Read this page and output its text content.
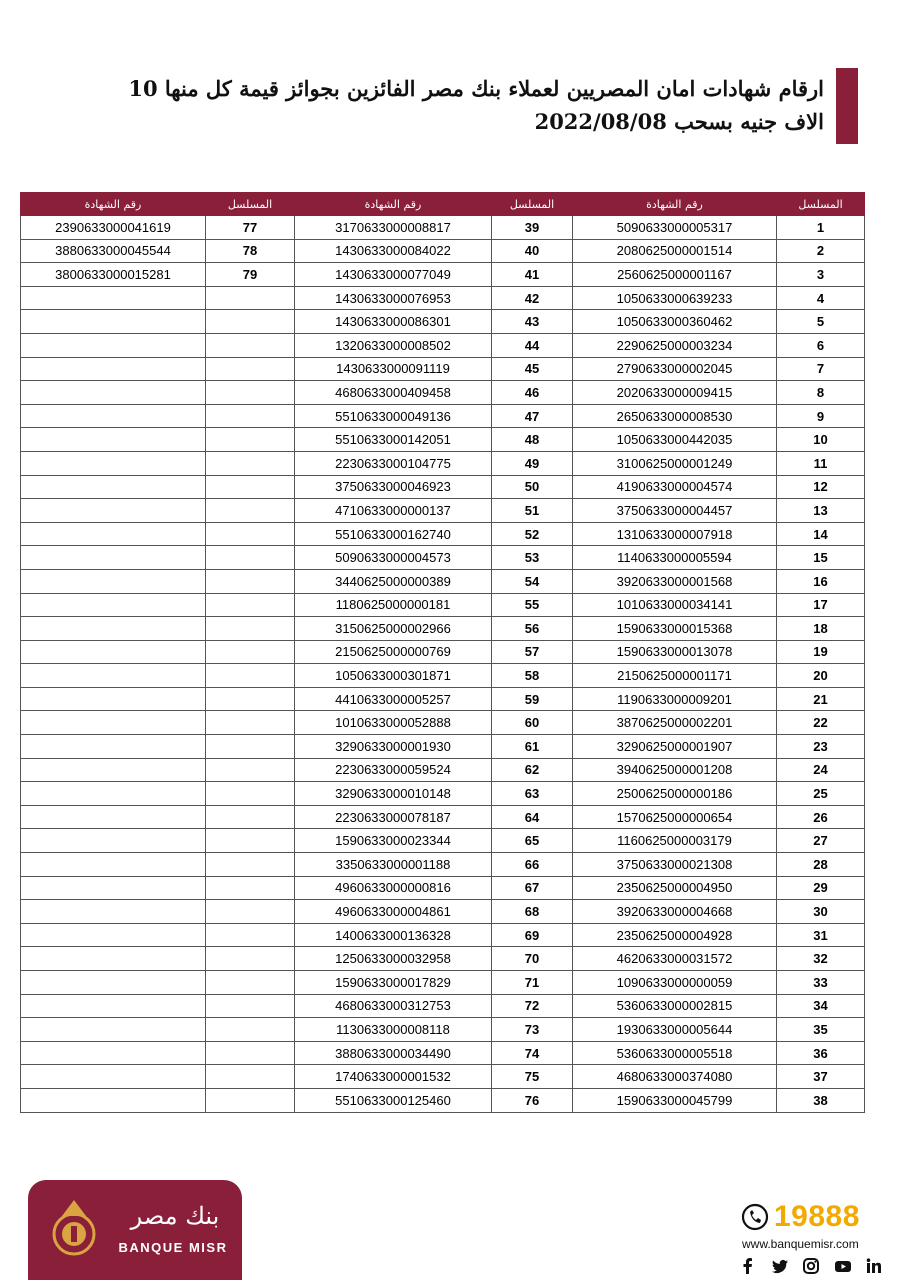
ارقام شهادات امان المصريين لعملاء بنك مصر الفائزين بجوائز قيمة كل منها 10
الاف جنيه بسحب 2022/08/08
المسلسل	رقم الشهادة	المسلسل	رقم الشهادة	المسلسل	رقم الشهادة
1	5090633000005317	39	3170633000008817	77	2390633000041619
2	2080625000001514	40	1430633000084022	78	3880633000045544
3	2560625000001167	41	1430633000077049	79	3800633000015281
4	1050633000639233	42	1430633000076953		
5	1050633000360462	43	1430633000086301		
6	2290625000003234	44	1320633000008502		
7	2790633000002045	45	1430633000091119		
8	2020633000009415	46	4680633000409458		
9	2650633000008530	47	5510633000049136		
10	1050633000442035	48	5510633000142051		
11	3100625000001249	49	2230633000104775		
12	4190633000004574	50	3750633000046923		
13	3750633000004457	51	4710633000000137		
14	1310633000007918	52	5510633000162740		
15	1140633000005594	53	5090633000004573		
16	3920633000001568	54	3440625000000389		
17	1010633000034141	55	1180625000000181		
18	1590633000015368	56	3150625000002966		
19	1590633000013078	57	2150625000000769		
20	2150625000001171	58	1050633000301871		
21	1190633000009201	59	4410633000005257		
22	3870625000002201	60	1010633000052888		
23	3290625000001907	61	3290633000001930		
24	3940625000001208	62	2230633000059524		
25	2500625000000186	63	3290633000010148		
26	1570625000000654	64	2230633000078187		
27	1160625000003179	65	1590633000023344		
28	3750633000021308	66	3350633000001188		
29	2350625000004950	67	4960633000000816		
30	3920633000004668	68	4960633000004861		
31	2350625000004928	69	1400633000136328		
32	4620633000031572	70	1250633000032958		
33	1090633000000059	71	1590633000017829		
34	5360633000002815	72	4680633000312753		
35	1930633000005644	73	1130633000008118		
36	5360633000005518	74	3880633000034490		
37	4680633000374080	75	1740633000001532		
38	1590633000045799	76	5510633000125460		
بنك مصر
BANQUE MISR
19888
www.banquemisr.com
